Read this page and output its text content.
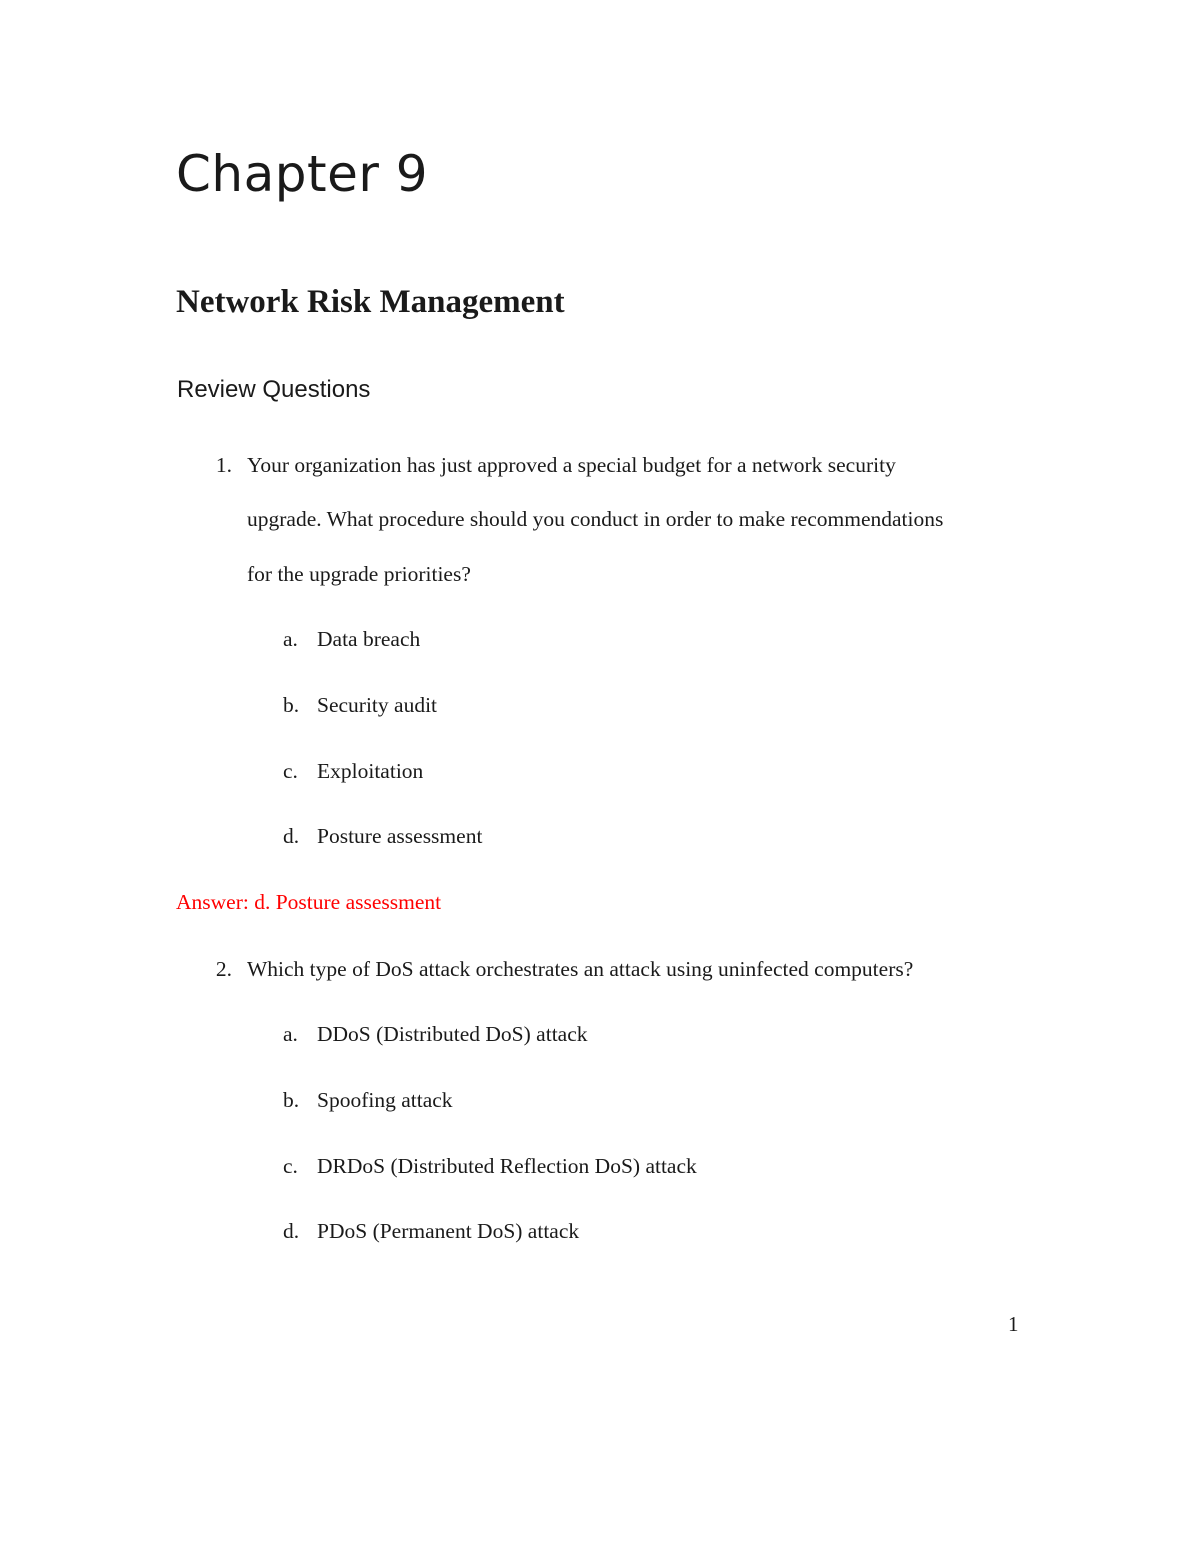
Chapter 9
Network Risk Management
Review Questions
1. Your organization has just approved a special budget for a network security
upgrade. What procedure should you conduct in order to make recommendations
for the upgrade priorities?
a. Data breach
b. Security audit
c. Exploitation
d. Posture assessment
Answer: d. Posture assessment
2. Which type of DoS attack orchestrates an attack using uninfected computers?
a. DDoS (Distributed DoS) attack
b. Spoofing attack
c. DRDoS (Distributed Reflection DoS) attack
d. PDoS (Permanent DoS) attack
1
